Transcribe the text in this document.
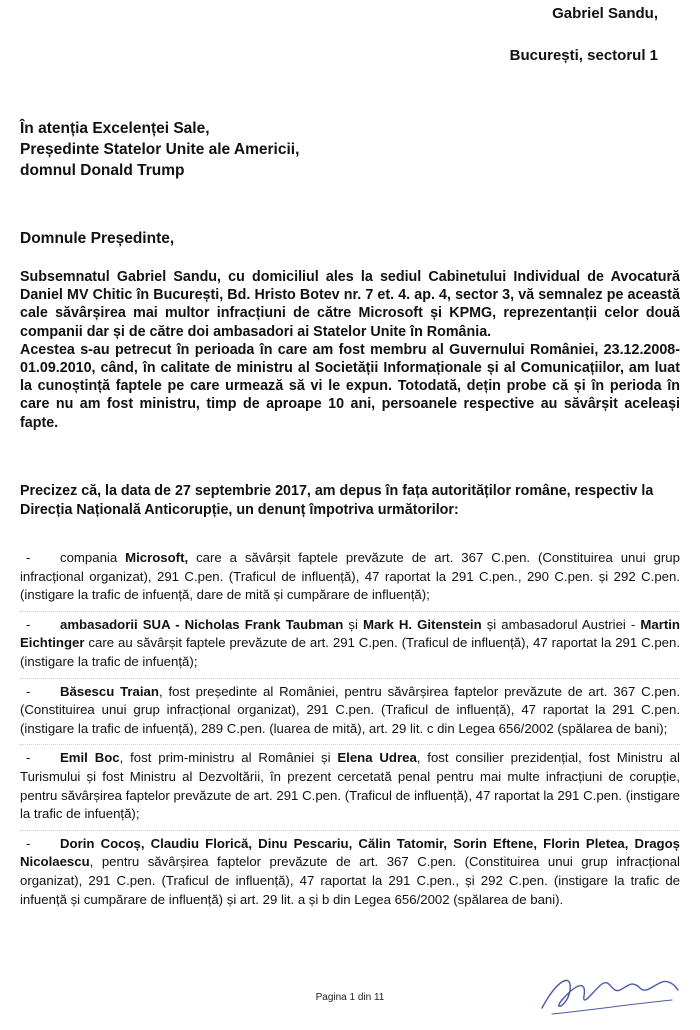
Gabriel Sandu,
București, sectorul 1
În atenția Excelenței Sale,
Președinte Statelor Unite ale Americii,
domnul Donald Trump
Domnule Președinte,

Subsemnatul Gabriel Sandu, cu domiciliul ales la sediul Cabinetului Individual de Avocatură Daniel MV Chitic în București, Bd. Hristo Botev nr. 7 et. 4. ap. 4, sector 3, vă semnalez pe această cale săvârșirea mai multor infracțiuni de către Microsoft și KPMG, reprezentanții celor două companii dar și de către doi ambasadori ai Statelor Unite în România.

Acestea s-au petrecut în perioada în care am fost membru al Guvernului României, 23.12.2008-01.09.2010, când, în calitate de ministru al Societății Informaționale și al Comunicațiilor, am luat la cunoștință faptele pe care urmează să vi le expun. Totodată, dețin probe că și în perioda în care nu am fost ministru, timp de aproape 10 ani, persoanele respective au săvârșit aceleași fapte.

Precizez că, la data de 27 septembrie 2017, am depus în fața autorităților române, respectiv la Direcția Națională Anticorupție, un denunț împotriva următorilor:
- compania Microsoft, care a săvârșit faptele prevăzute de art. 367 C.pen. (Constituirea unui grup infracțional organizat), 291 C.pen. (Traficul de influență), 47 raportat la 291 C.pen., 290 C.pen. și 292 C.pen. (instigare la trafic de infuență, dare de mită și cumpărare de influență);
- ambasadorii SUA - Nicholas Frank Taubman și Mark H. Gitenstein și ambasadorul Austriei - Martin Eichtinger care au săvârșit faptele prevăzute de art. 291 C.pen. (Traficul de influență), 47 raportat la 291 C.pen. (instigare la trafic de infuență);
- Băsescu Traian, fost președinte al României, pentru săvârșirea faptelor prevăzute de art. 367 C.pen. (Constituirea unui grup infracțional organizat), 291 C.pen. (Traficul de influență), 47 raportat la 291 C.pen. (instigare la trafic de infuență), 289 C.pen. (luarea de mită), art. 29 lit. c din Legea 656/2002 (spălarea de bani);
- Emil Boc, fost prim-ministru al României și Elena Udrea, fost consilier prezidențial, fost Ministru al Turismului și fost Ministru al Dezvoltării, în prezent cercetată penal pentru mai multe infracțiuni de corupție, pentru săvârșirea faptelor prevăzute de art. 291 C.pen. (Traficul de influență), 47 raportat la 291 C.pen. (instigare la trafic de infuență);
- Dorin Cocoș, Claudiu Florică, Dinu Pescariu, Călin Tatomir, Sorin Eftene, Florin Pletea, Dragoș Nicolaescu, pentru săvârșirea faptelor prevăzute de art. 367 C.pen. (Constituirea unui grup infracțional organizat), 291 C.pen. (Traficul de influență), 47 raportat la 291 C.pen., și 292 C.pen. (instigare la trafic de infuență și cumpărare de influență) și art. 29 lit. a și b din Legea 656/2002 (spălarea de bani).
Pagina 1 din 11
